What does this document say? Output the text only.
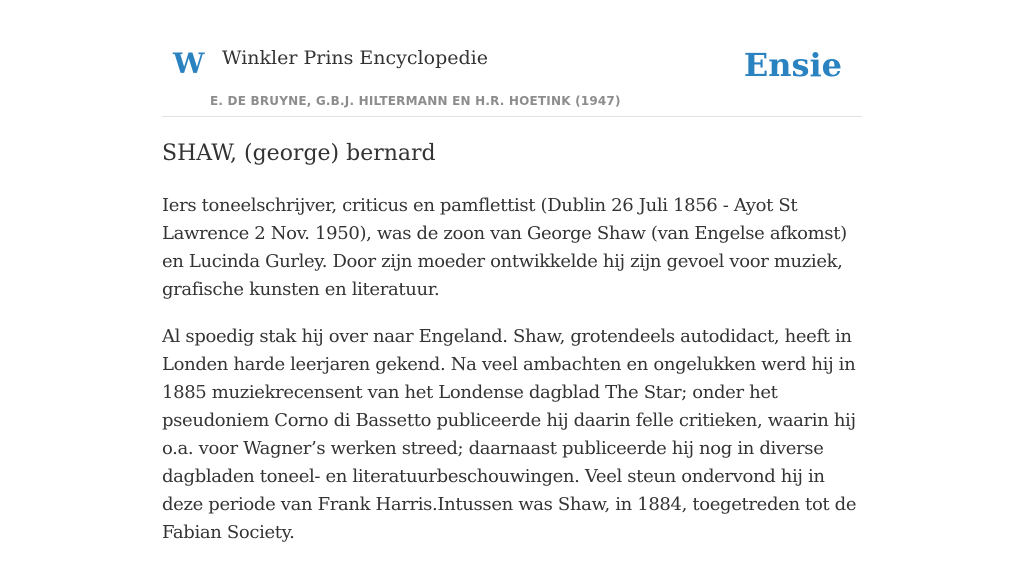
W Winkler Prins Encyclopedie
E. DE BRUYNE, G.B.J. HILTERMANN EN H.R. HOETINK (1947)
Ensie
SHAW, (george) bernard

Iers toneelschrijver, criticus en pamflettist (Dublin 26 Juli 1856 - Ayot St Lawrence 2 Nov. 1950), was de zoon van George Shaw (van Engelse afkomst) en Lucinda Gurley. Door zijn moeder ontwikkelde hij zijn gevoel voor muziek, grafische kunsten en literatuur.

Al spoedig stak hij over naar Engeland. Shaw, grotendeels autodidact, heeft in Londen harde leerjaren gekend. Na veel ambachten en ongelukken werd hij in 1885 muziekrecensent van het Londense dagblad The Star; onder het pseudoniem Corno di Bassetto publiceerde hij daarin felle critieken, waarin hij o.a. voor Wagner’s werken streed; daarnaast publiceerde hij nog in diverse dagbladen toneel- en literatuurbeschouwingen. Veel steun ondervond hij in deze periode van Frank Harris.Intussen was Shaw, in 1884, toegetreden tot de Fabian Society.
